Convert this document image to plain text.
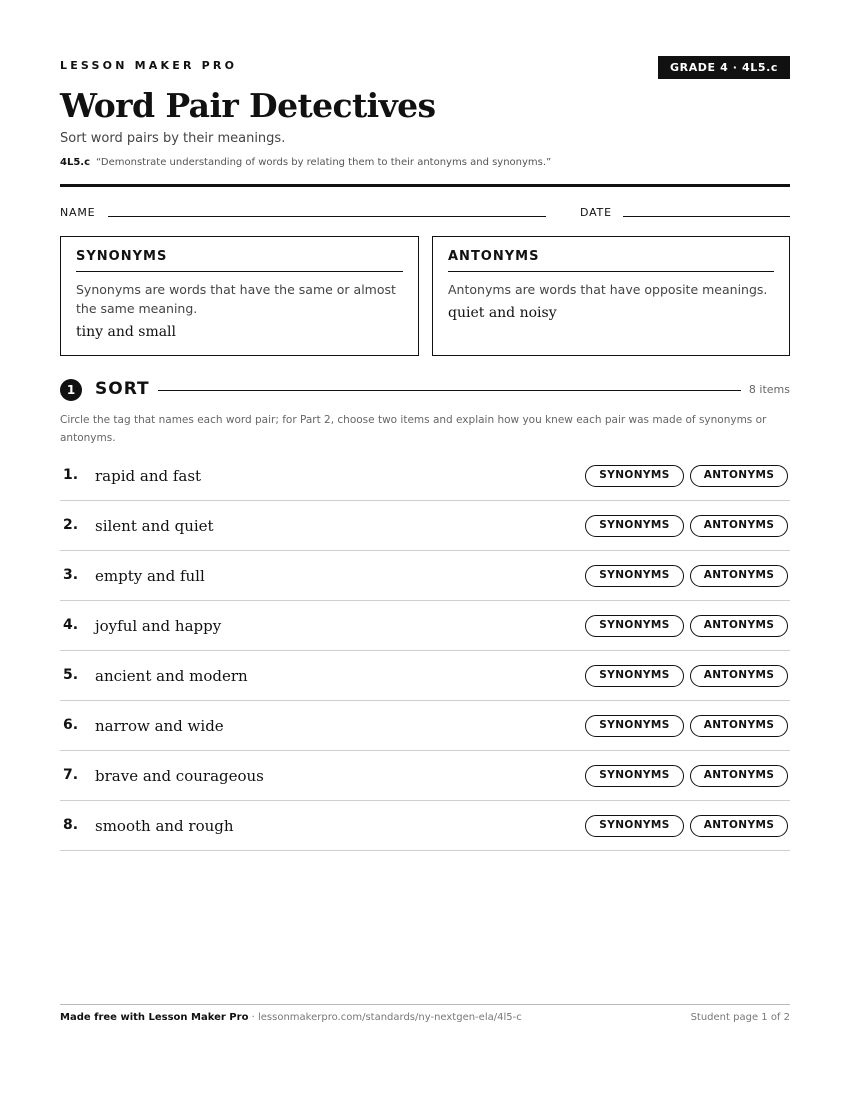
LESSON MAKER PRO	GRADE 4 · 4L5.c
Word Pair Detectives
Sort word pairs by their meanings.
4L5.c “Demonstrate understanding of words by relating them to their antonyms and synonyms.”
NAME	DATE
SYNONYMS
Synonyms are words that have the same or almost the same meaning.
tiny and small
ANTONYMS
Antonyms are words that have opposite meanings.
quiet and noisy
1	SORT	8 items
Circle the tag that names each word pair; for Part 2, choose two items and explain how you knew each pair was made of synonyms or antonyms.
1. rapid and fast	SYNONYMS	ANTONYMS
2. silent and quiet	SYNONYMS	ANTONYMS
3. empty and full	SYNONYMS	ANTONYMS
4. joyful and happy	SYNONYMS	ANTONYMS
5. ancient and modern	SYNONYMS	ANTONYMS
6. narrow and wide	SYNONYMS	ANTONYMS
7. brave and courageous	SYNONYMS	ANTONYMS
8. smooth and rough	SYNONYMS	ANTONYMS
Made free with Lesson Maker Pro · lessonmakerpro.com/standards/ny-nextgen-ela/4l5-c	Student page 1 of 2
